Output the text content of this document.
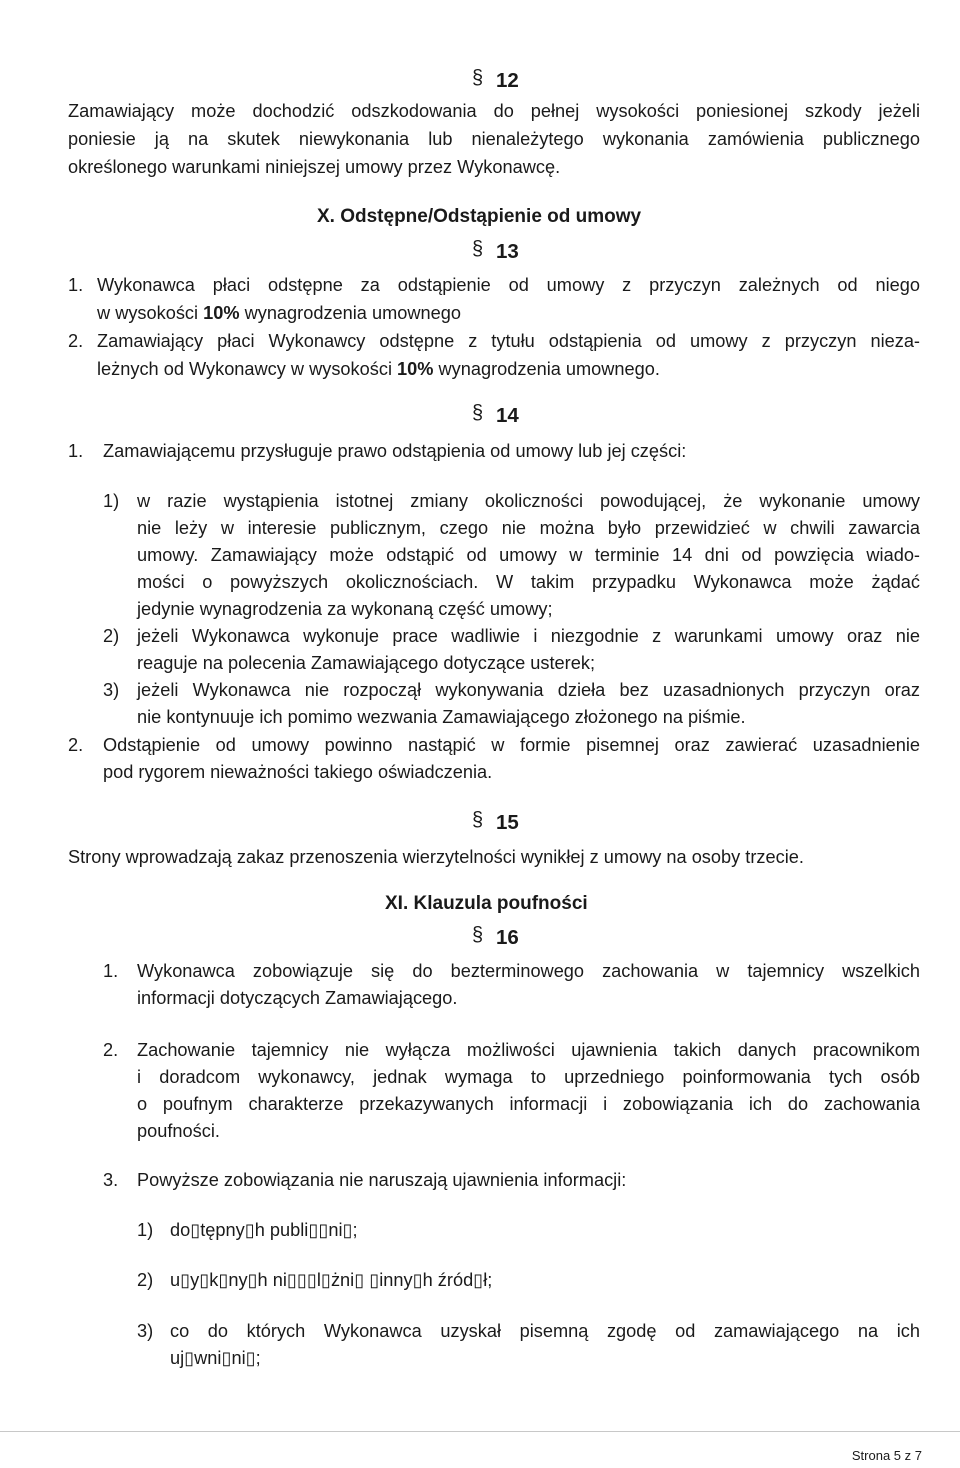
§12
Zamawiający może dochodzić odszkodowania do pełnej wysokości poniesionej szkody jeżeli
poniesie ją na skutek niewykonania lub nienależytego wykonania zamówienia publicznego
określonego warunkami niniejszej umowy przez Wykonawcę.
X. Odstępne/Odstąpienie od umowy
§13
1. Wykonawca płaci odstępne za odstąpienie od umowy z przyczyn zależnych od niego
w wysokości 10% wynagrodzenia umownego
2. Zamawiający płaci Wykonawcy odstępne z tytułu odstąpienia od umowy z przyczyn nieza-
leżnych od Wykonawcy w wysokości 10% wynagrodzenia umownego.
§14
1. Zamawiającemu przysługuje prawo odstąpienia od umowy lub jej części:
1) w razie wystąpienia istotnej zmiany okoliczności powodującej, że wykonanie umowy
nie leży w interesie publicznym, czego nie można było przewidzieć w chwili zawarcia
umowy. Zamawiający może odstąpić od umowy w terminie 14 dni od powzięcia wiado-
mości o powyższych okolicznościach. W takim przypadku Wykonawca może żądać
jedynie wynagrodzenia za wykonaną część umowy;
2) jeżeli Wykonawca wykonuje prace wadliwie i niezgodnie z warunkami umowy oraz nie
reaguje na polecenia Zamawiającego dotyczące usterek;
3) jeżeli Wykonawca nie rozpoczął wykonywania dzieła bez uzasadnionych przyczyn oraz
nie kontynuuje ich pomimo wezwania Zamawiającego złożonego na piśmie.
2. Odstąpienie od umowy powinno nastąpić w formie pisemnej oraz zawierać uzasadnienie
pod rygorem nieważności takiego oświadczenia.
§15
Strony wprowadzają zakaz przenoszenia wierzytelności wynikłej z umowy na osoby trzecie.
XI. Klauzula poufności
§16
1. Wykonawca zobowiązuje się do bezterminowego zachowania w tajemnicy wszelkich
informacji dotyczących Zamawiającego.
2. Zachowanie tajemnicy nie wyłącza możliwości ujawnienia takich danych pracownikom
i doradcom wykonawcy, jednak wymaga to uprzedniego poinformowania tych osób
o poufnym charakterze przekazywanych informacji i zobowiązania ich do zachowania
poufności.
3. Powyższe zobowiązania nie naruszają ujawnienia informacji:
1) do▯tępny▯h publi▯▯ni▯;
2) u▯y▯k▯ny▯h ni▯▯▯l▯żni▯ ▯inny▯h źród▯ł;
3) co do których Wykonawca uzyskał pisemną zgodę od zamawiającego na ich
uj▯wni▯ni▯;
Strona 5 z 7
